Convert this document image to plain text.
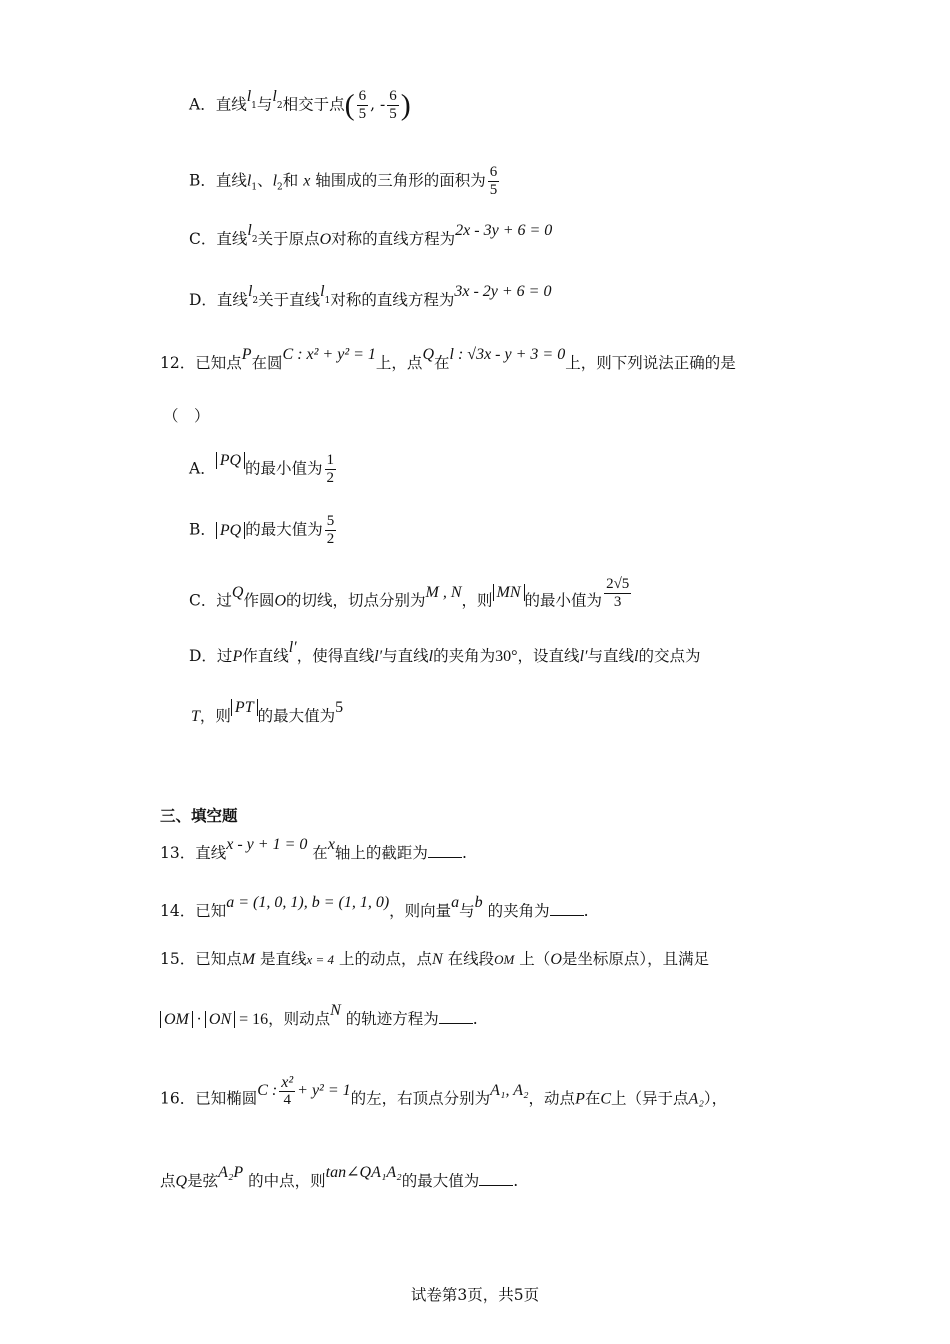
A．直线$l_1$与$l_2$相交于点( $\frac{6}{5}$ , - $\frac{6}{5}$ )
B．直线$l_1$、$l_2$和 x 轴围成的三角形的面积为 $\frac{6}{5}$
C．直线$l_2$关于原点O对称的直线方程为2x - 3y + 6 = 0
D．直线$l_2$关于直线$l_1$对称的直线方程为3x - 2y + 6 = 0
12．已知点P在圆C : x² + y² = 1上，点Q在l : √3x - y + 3 = 0上，则下列说法正确的是
（　）
A． PQ 的最小值为 $\frac{1}{2}$
B． PQ 的最大值为 $\frac{5}{2}$
C．过Q作圆O的切线，切点分别为M , N，则 MN 的最小值为 $\frac{2√5}{3}$
D．过P作直线l′，使得直线l′与直线l的夹角为30°，设直线l′与直线l的交点为
T，则 PT 的最大值为5
三、填空题
13．直线x - y + 1 = 0 在x轴上的截距为 .
14．已知a = (1, 0, 1), b = (1, 1, 0)，则向量a与b 的夹角为 .
15．已知点M 是直线x = 4 上的动点，点N 在线段OM 上（O是坐标原点），且满足
OM · ON = 16，则动点N 的轨迹方程为 .
16．已知椭圆C : $\frac{\text{x²}}{4} + y^2 = 1$的左，右顶点分别为A₁, A₂，动点P在C上（异于点A₂），
点Q是弦A₂P 的中点，则tan∠QA₁A₂的最大值为 .
试卷第3页，共5页
